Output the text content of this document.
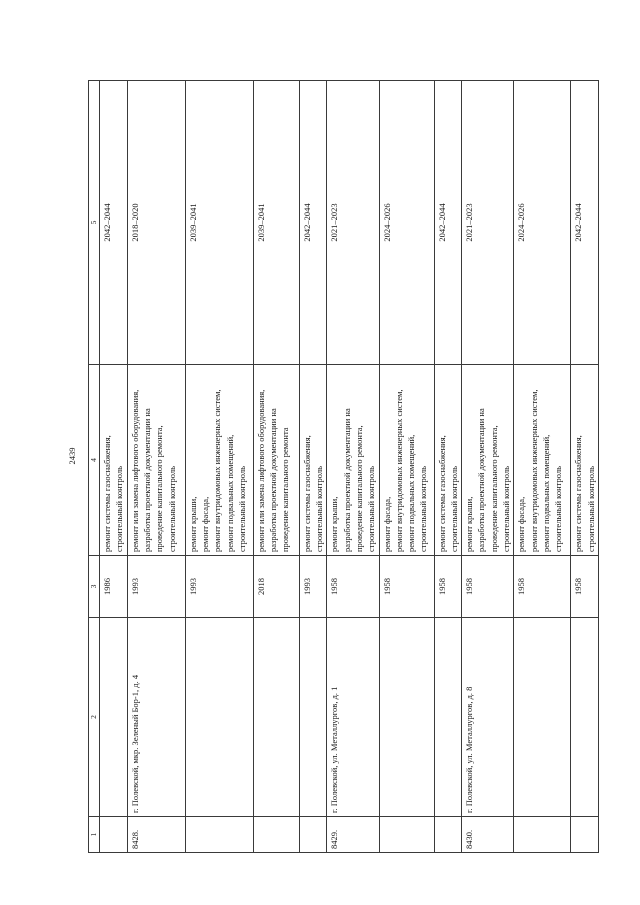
2439
1	2	3	4	5
		1986	ремонт системы газоснабжения, строительный контроль	2042–2044
8428.	г. Полевской, мкр. Зеленый Бор-1, д. 4	1993	ремонт или замена лифтового оборудования, разработка проектной документации на проведение капитального ремонта, строительный контроль	2018–2020
		1993	ремонт крыши, ремонт фасада, ремонт внутридомовых инженерных систем, ремонт подвальных помещений, строительный контроль	2039–2041
		2018	ремонт или замена лифтового оборудования, разработка проектной документации на проведение капитального ремонта	2039–2041
		1993	ремонт системы газоснабжения, строительный контроль	2042–2044
8429.	г. Полевской, ул. Металлургов, д. 1	1958	ремонт крыши, разработка проектной документации на проведение капитального ремонта, строительный контроль	2021–2023
		1958	ремонт фасада, ремонт внутридомовых инженерных систем, ремонт подвальных помещений, строительный контроль	2024–2026
		1958	ремонт системы газоснабжения, строительный контроль	2042–2044
8430.	г. Полевской, ул. Металлургов, д. 8	1958	ремонт крыши, разработка проектной документации на проведение капитального ремонта, строительный контроль	2021–2023
		1958	ремонт фасада, ремонт внутридомовых инженерных систем, ремонт подвальных помещений, строительный контроль	2024–2026
		1958	ремонт системы газоснабжения, строительный контроль	2042–2044
